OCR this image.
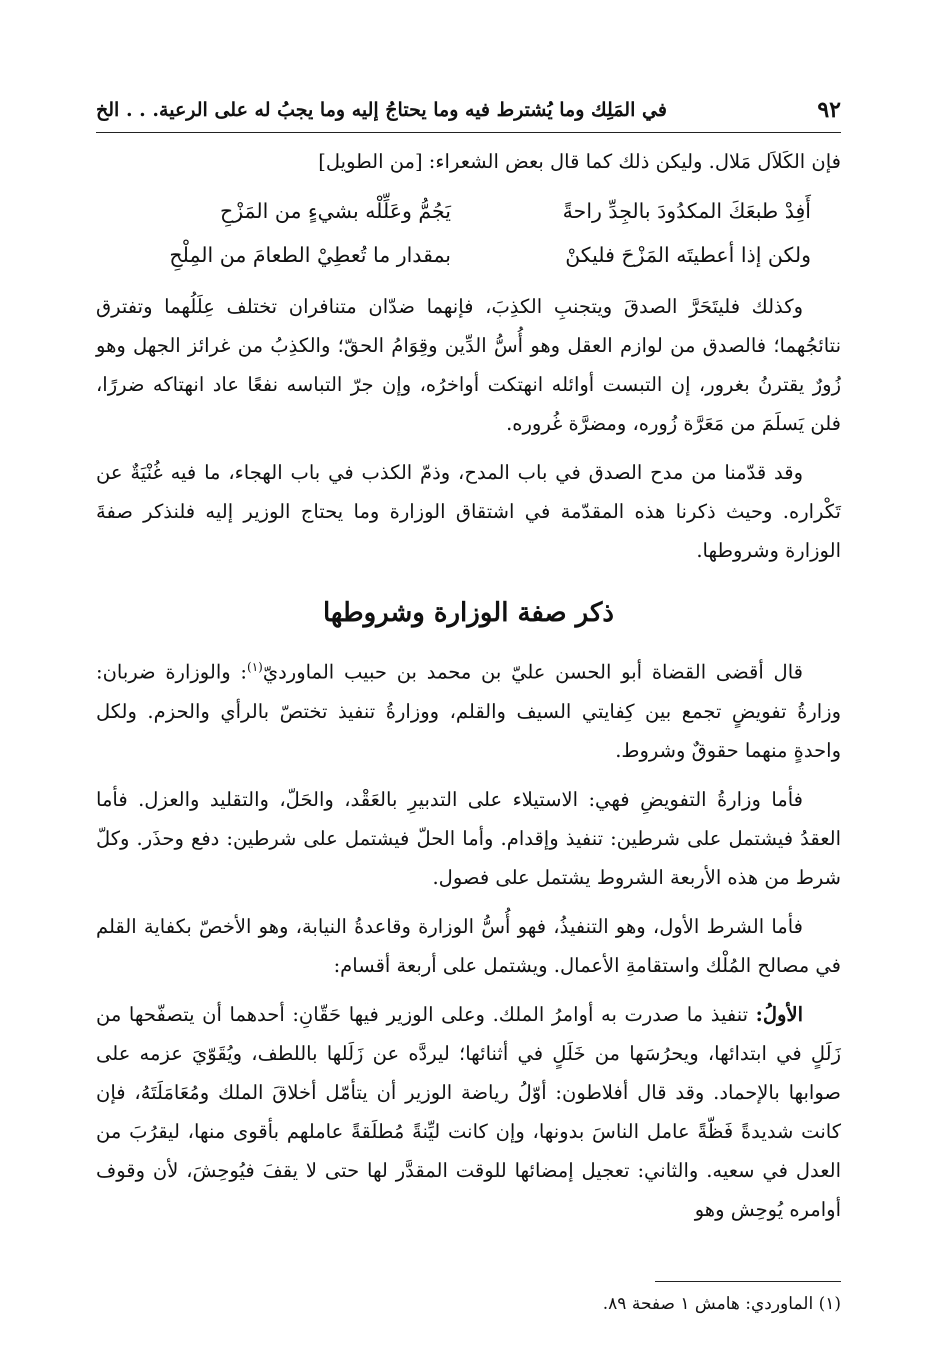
٩٢
في المَلِك وما يُشترط فيه وما يحتاجُ إليه وما يجبُ له على الرعية. . . الخ

فإن الكَلاَل مَلال. وليكن ذلك كما قال بعض الشعراء: [من الطويل]

أَفِدْ طبعَكَ المكدُودَ بالجِدِّ راحةً
يَجُمُّ وعَلِّلْه بشيءٍ من المَزْحِ
ولكن إذا أعطيتَه المَزْحَ فليكنْ
بمقدار ما تُعطِيْ الطعامَ من المِلْحِ

وكذلك فليتَحَرَّ الصدقَ ويتجنبِ الكذِبَ، فإنهما ضدّان متنافران تختلف عِلَلُهما وتفترق نتائجُهما؛ فالصدق من لوازم العقل وهو أُسُّ الدِّين وقِوَامُ الحقّ؛ والكذِبُ من غرائز الجهل وهو زُورٌ يقترنُ بغرور، إن التبست أوائله انهتكت أواخرُه، وإن جرّ التباسه نفعًا عاد انهتاكه ضررًا، فلن يَسلَمَ من مَعَرَّة زُوره، ومضرَّة غُروره.

وقد قدّمنا من مدح الصدق في باب المدح، وذمّ الكذب في باب الهجاء، ما فيه غُنْيَةٌ عن تَكْراره. وحيث ذكرنا هذه المقدّمة في اشتقاق الوزارة وما يحتاج الوزير إليه فلنذكر صفةَ الوزارة وشروطها.

ذكر صفة الوزارة وشروطها

قال أقضى القضاة أبو الحسن عليّ بن محمد بن حبيب الماورديّ$^{(١)}$: والوزارة ضربان: وزارةُ تفويضٍ تجمع بين كِفايتي السيف والقلم، ووزارةُ تنفيذ تختصّ بالرأي والحزم. ولكل واحدةٍ منهما حقوقٌ وشروط.

فأما وزارةُ التفويضِ فهي: الاستيلاء على التدبيرِ بالعَقْد، والحَلّ، والتقليد والعزل. فأما العقدُ فيشتمل على شرطين: تنفيذ وإقدام. وأما الحلّ فيشتمل على شرطين: دفع وحذَر. وكلّ شرط من هذه الأربعة الشروط يشتمل على فصول.

فأما الشرط الأول، وهو التنفيذُ، فهو أُسُّ الوزارة وقاعدةُ النيابة، وهو الأخصّ بكفاية القلم في مصالح المُلْك واستقامةِ الأعمال. ويشتمل على أربعة أقسام:

الأولُ: تنفيذ ما صدرت به أوامرُ الملك. وعلى الوزير فيها حَقّانِ: أحدهما أن يتصفّحها من زَلَلٍ في ابتدائها، ويحرُسَها من خَلَلٍ في أثنائها؛ ليردَّه عن زَلَلها باللطف، ويُقَوّيَ عزمه على صوابها بالإحماد. وقد قال أفلاطون: أوّلُ رياضة الوزير أن يتأمّل أخلاقَ الملك ومُعَامَلَتَهُ، فإن كانت شديدةً فَظّةً عامل الناسَ بدونها، وإن كانت ليِّنةً مُطلَقةً عاملهم بأقوى منها، ليقرُبَ من العدل في سعيه. والثاني: تعجيل إمضائها للوقت المقدَّر لها حتى لا يقفَ فيُوحِشَ، لأن وقوف أوامره يُوحِش وهو

(١) الماوردي: هامش ١ صفحة ٨٩.
